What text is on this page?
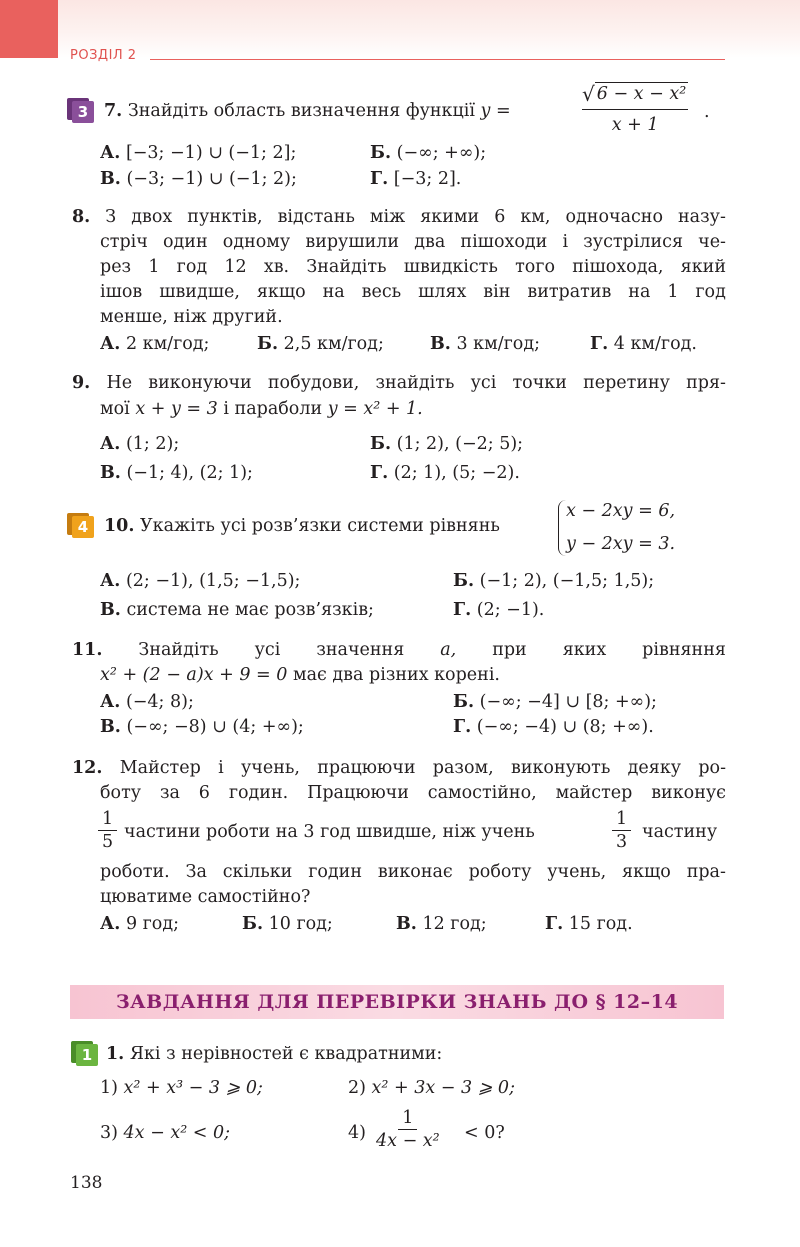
РОЗДІЛ 2
3 7. Знайдіть область визначення функції y =
√ 6 − x − x²
x + 1
.
А. [−3; −1) ∪ (−1; 2];	Б. (−∞; +∞);
В. (−3; −1) ∪ (−1; 2);	Г. [−3; 2].
8. З двох пунктів, відстань між якими 6 км, одночасно назу-
стріч один одному вирушили два пішоходи і зустрілися че-
рез 1 год 12 хв. Знайдіть швидкість того пішохода, який
ішов швидше, якщо на весь шлях він витратив на 1 год
менше, ніж другий.
А. 2 км/год;	Б. 2,5 км/год;	В. 3 км/год;	Г. 4 км/год.
9. Не виконуючи побудови, знайдіть усі точки перетину пря-
мої x + y = 3 і параболи y = x² + 1.
А. (1; 2);	Б. (1; 2), (−2; 5);
В. (−1; 4), (2; 1);	Г. (2; 1), (5; −2).
4 10. Укажіть усі розв’язки системи рівнянь
x − 2xy = 6,
y − 2xy = 3.
А. (2; −1), (1,5; −1,5);	Б. (−1; 2), (−1,5; 1,5);
В. система не має розв’язків;	Г. (2; −1).
11. Знайдіть усі значення a, при яких рівняння
x² + (2 − a)x + 9 = 0 має два різних корені.
А. (−4; 8);	Б. (−∞; −4] ∪ [8; +∞);
В. (−∞; −8) ∪ (4; +∞);	Г. (−∞; −4) ∪ (8; +∞).
12. Майстер і учень, працюючи разом, виконують деяку ро-
боту за 6 годин. Працюючи самостійно, майстер виконує
$\frac{1}{5}$ частини роботи на 3 год швидше, ніж учень	$\frac{1}{3}$ частину
роботи. За скільки годин виконає роботу учень, якщо пра-
цюватиме самостійно?
А. 9 год;	Б. 10 год;	В. 12 год;	Г. 15 год.
ЗАВДАННЯ ДЛЯ ПЕРЕВІРКИ ЗНАНЬ ДО § 12–14
1 1. Які з нерівностей є квадратними:
1) x² + x³ − 3 ⩾ 0;	2) x² + 3x − 3 ⩾ 0;
3) 4x − x² < 0;	$4) \frac{1}{\text{4x − x²}} < 0$?
138
